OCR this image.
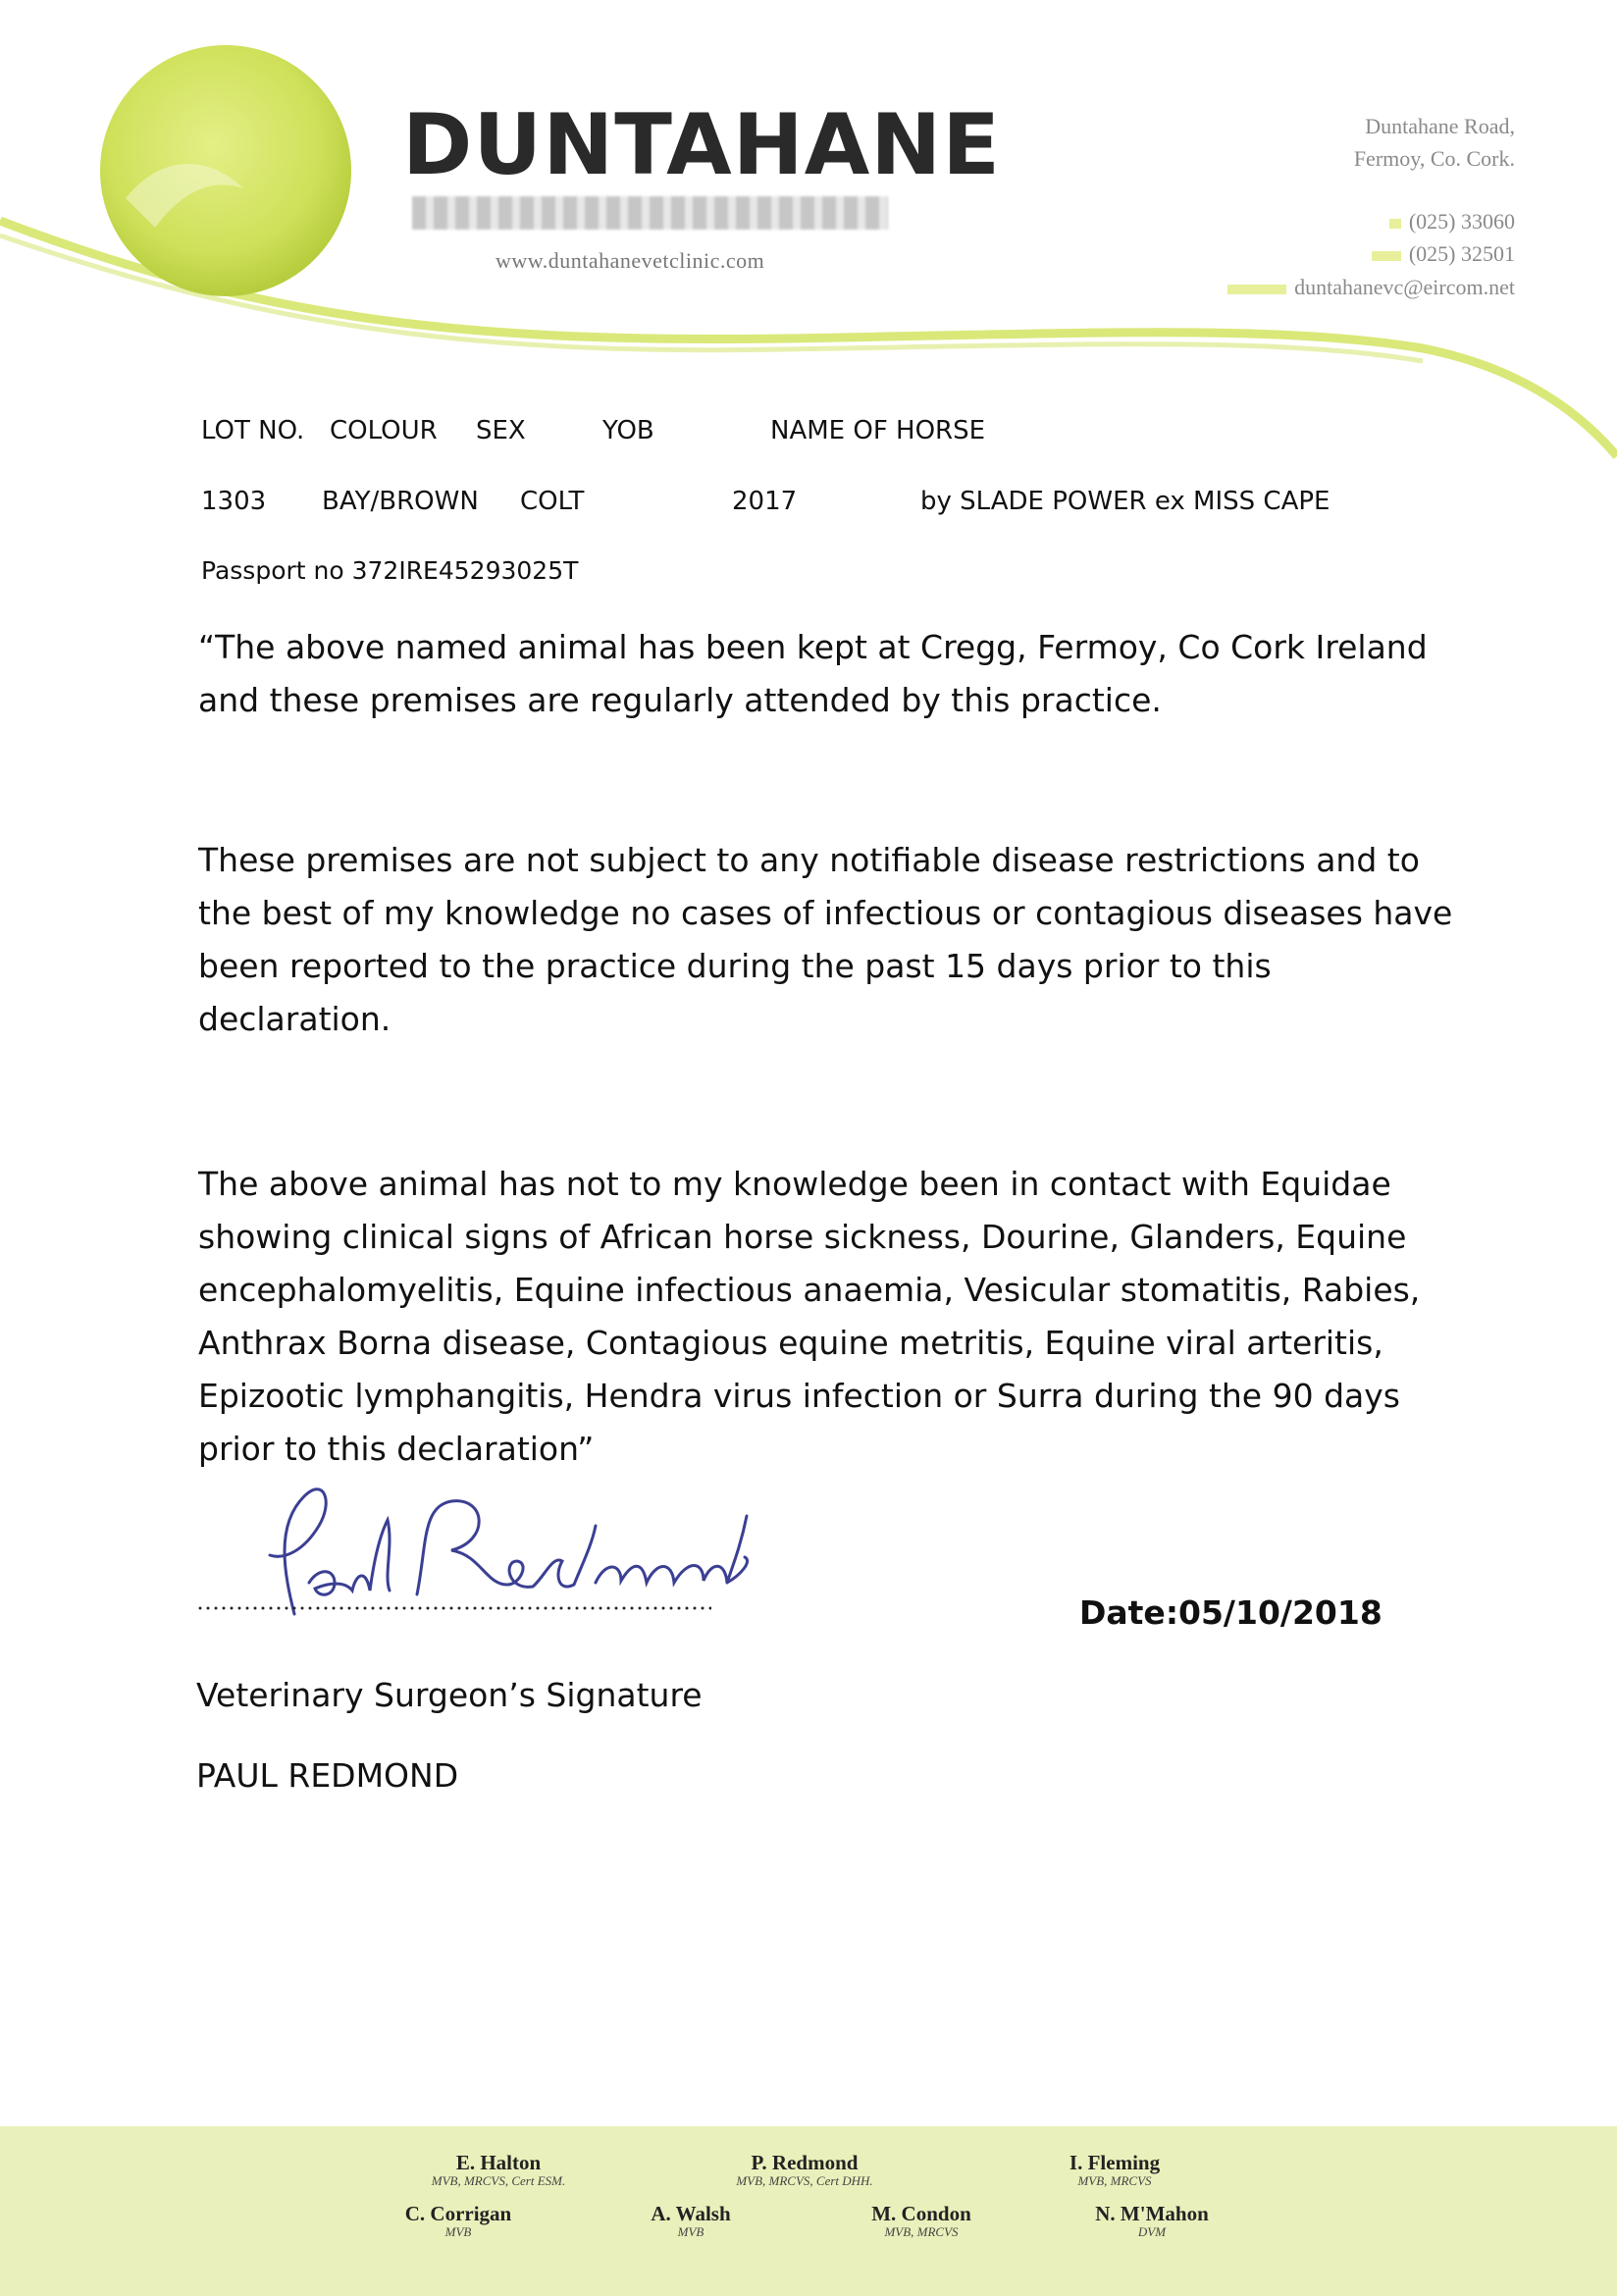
DUNTAHANE
www.duntahanevetclinic.com
Duntahane Road,
Fermoy, Co. Cork.
(025) 33060
(025) 32501
duntahanevc@eircom.net
LOT NO. COLOUR SEX	YOB	NAME OF HORSE
1303 BAY/BROWN COLT	2017	by SLADE POWER ex MISS CAPE
Passport no 372IRE45293025T
“The above named animal has been kept at Cregg, Fermoy, Co Cork Ireland
and these premises are regularly attended by this practice.
These premises are not subject to any notifiable disease restrictions and to
the best of my knowledge no cases of infectious or contagious diseases have
been reported to the practice during the past 15 days prior to this
declaration.
The above animal has not to my knowledge been in contact with Equidae
showing clinical signs of African horse sickness, Dourine, Glanders, Equine
encephalomyelitis, Equine infectious anaemia, Vesicular stomatitis, Rabies,
Anthrax Borna disease, Contagious equine metritis, Equine viral arteritis,
Epizootic lymphangitis, Hendra virus infection or Surra during the 90 days
prior to this declaration”
Date:05/10/2018
Veterinary Surgeon’s Signature
PAUL REDMOND
E. Halton
MVB, MRCVS, Cert ESM.
P. Redmond
MVB, MRCVS, Cert DHH.
I. Fleming
MVB, MRCVS
C. Corrigan
MVB
A. Walsh
MVB
M. Condon
MVB, MRCVS
N. M'Mahon
DVM
